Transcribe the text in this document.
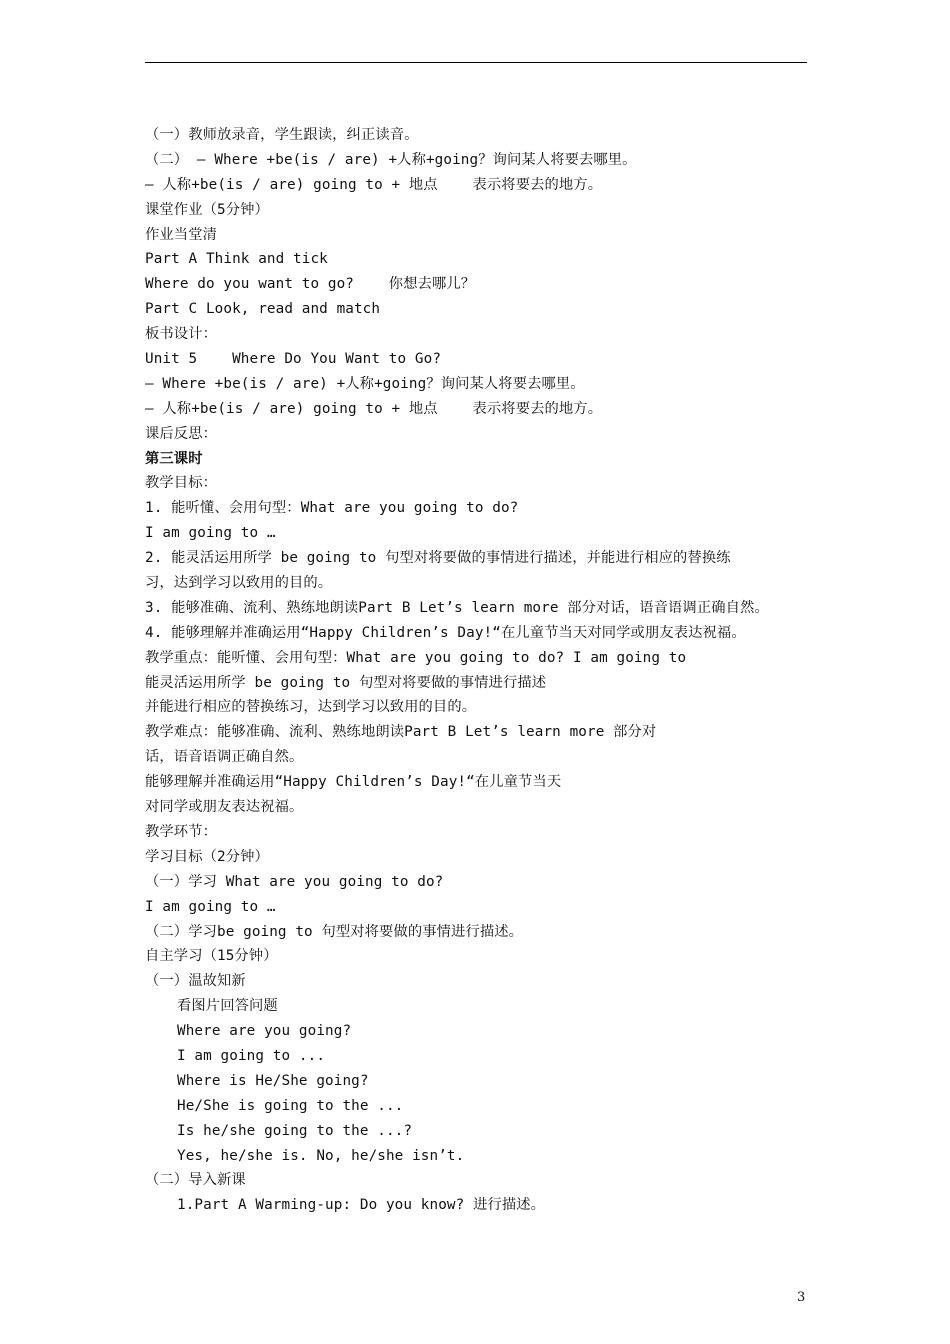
（一）教师放录音，学生跟读，纠正读音。
（二） — Where +be(is / are) +人称+going？询问某人将要去哪里。
— 人称+be(is / are) going to + 地点    表示将要去的地方。
课堂作业（5分钟）
作业当堂清
Part A Think and tick
Where do you want to go?    你想去哪儿？
Part C Look, read and match
板书设计：
Unit 5    Where Do You Want to Go?
— Where +be(is / are) +人称+going？询问某人将要去哪里。
— 人称+be(is / are) going to + 地点    表示将要去的地方。
课后反思：
第三课时
教学目标：
1. 能听懂、会用句型：What are you going to do?
I am going to …
2. 能灵活运用所学 be going to 句型对将要做的事情进行描述，并能进行相应的替换练
习，达到学习以致用的目的。
3. 能够准确、流利、熟练地朗读Part B Let’s learn more 部分对话，语音语调正确自然。
4. 能够理解并准确运用“Happy Children’s Day!“在儿童节当天对同学或朋友表达祝福。
教学重点：能听懂、会用句型：What are you going to do? I am going to
能灵活运用所学 be going to 句型对将要做的事情进行描述
并能进行相应的替换练习，达到学习以致用的目的。
教学难点：能够准确、流利、熟练地朗读Part B Let’s learn more 部分对
话，语音语调正确自然。
能够理解并准确运用“Happy Children’s Day!“在儿童节当天
对同学或朋友表达祝福。
教学环节：
学习目标（2分钟）
（一）学习 What are you going to do?
I am going to …
（二）学习be going to 句型对将要做的事情进行描述。
自主学习（15分钟）
（一）温故知新
看图片回答问题
Where are you going?
I am going to ...
Where is He/She going?
He/She is going to the ...
Is he/she going to the ...?
Yes, he/she is. No, he/she isn’t.
（二）导入新课
1.Part A Warming-up: Do you know? 进行描述。
3
